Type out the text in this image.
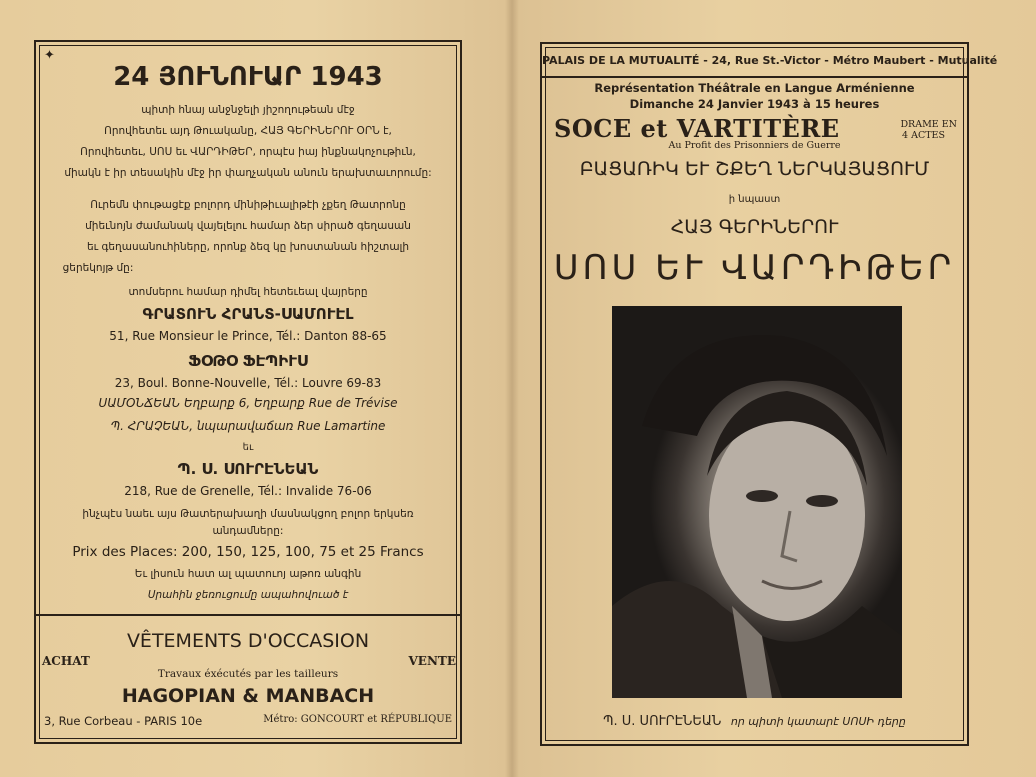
✦
24 ՅՈՒՆՈՒԱՐ 1943
պիտի հնայ անջնջելի յիշողութեան մէջ
Որովհետեւ այդ Թուականը, ՀԱՅ ԳԵՐԻՆԵՐՈՒ ՕՐՆ է,
Որովհետեւ, ՍՈՍ եւ ՎԱՐԴԻԹԵՐ, որպէս իայ ինքնակոչութիւն,
միակն է իր տեսակին մէջ իր փաղչական անուն երախտաւորումը:
Ուրեմն փութացէք բոլորդ մինիթիւալիթէի չքեղ Թատրոնը
միեւնոյն ժամանակ վայելելու համար ձեր սիրած գեղասան
եւ գեղասանուհիները, որոնք ձեզ կը խոստանան հիշտալի
ցերեկոյթ մը:
տոմսերու համար դիմել հետեւեալ վայրերը
ԳՐԱՏՈՒՆ ՀՐԱՆՏ-ՍԱՄՈՒԷԼ
51, Rue Monsieur le Prince, Tél.: Danton 88-65
ՖՕԹՕ ՖԷՊԻՒՍ
23, Boul. Bonne-Nouvelle, Tél.: Louvre 69-83
ՍԱՄՕՆՃԵԱՆ Եղբարք 6, Եղբարք Rue de Trévise
Պ. ՀՐԱՉԵԱՆ, նպարավաճառ Rue Lamartine
եւ
Պ. Ս. ՍՈՒՐԷՆԵԱՆ
218, Rue de Grenelle, Tél.: Invalide 76-06
ինչպէս նաեւ այս Թատերախաղի մասնակցող բոլոր երկսեռ
անդամները:
Prix des Places: 200, 150, 125, 100, 75 et 25 Francs
Եւ լիսուն հատ ալ պատուոյ աթոռ անգին
Սրահին ջեռուցումը ապահովուած է
VÊTEMENTS D'OCCASION
ACHAT	VENTE
Travaux éxécutés par les tailleurs
HAGOPIAN & MANBACH
3, Rue Corbeau - PARIS 10e	Métro: GONCOURT et RÉPUBLIQUE
PALAIS DE LA MUTUALITÉ - 24, Rue St.-Victor - Métro Maubert - Mutualité
Représentation Théâtrale en Langue Arménienne
Dimanche 24 Janvier 1943 à 15 heures
SOCE et VARTITÈRE	DRAME EN
4 ACTES
Au Profit des Prisonniers de Guerre
ԲԱՑԱՌԻԿ ԵՒ ՇՔԵՂ ՆԵՐԿԱՅԱՑՈՒՄ
ի նպաստ
ՀԱՅ ԳԵՐԻՆԵՐՈՒ
ՍՈՍ ԵՒ ՎԱՐԴԻԹԵՐ
Պ. Ս. ՍՈՒՐԷՆԵԱՆ որ պիտի կատարէ ՍՈՍԻ դերը
